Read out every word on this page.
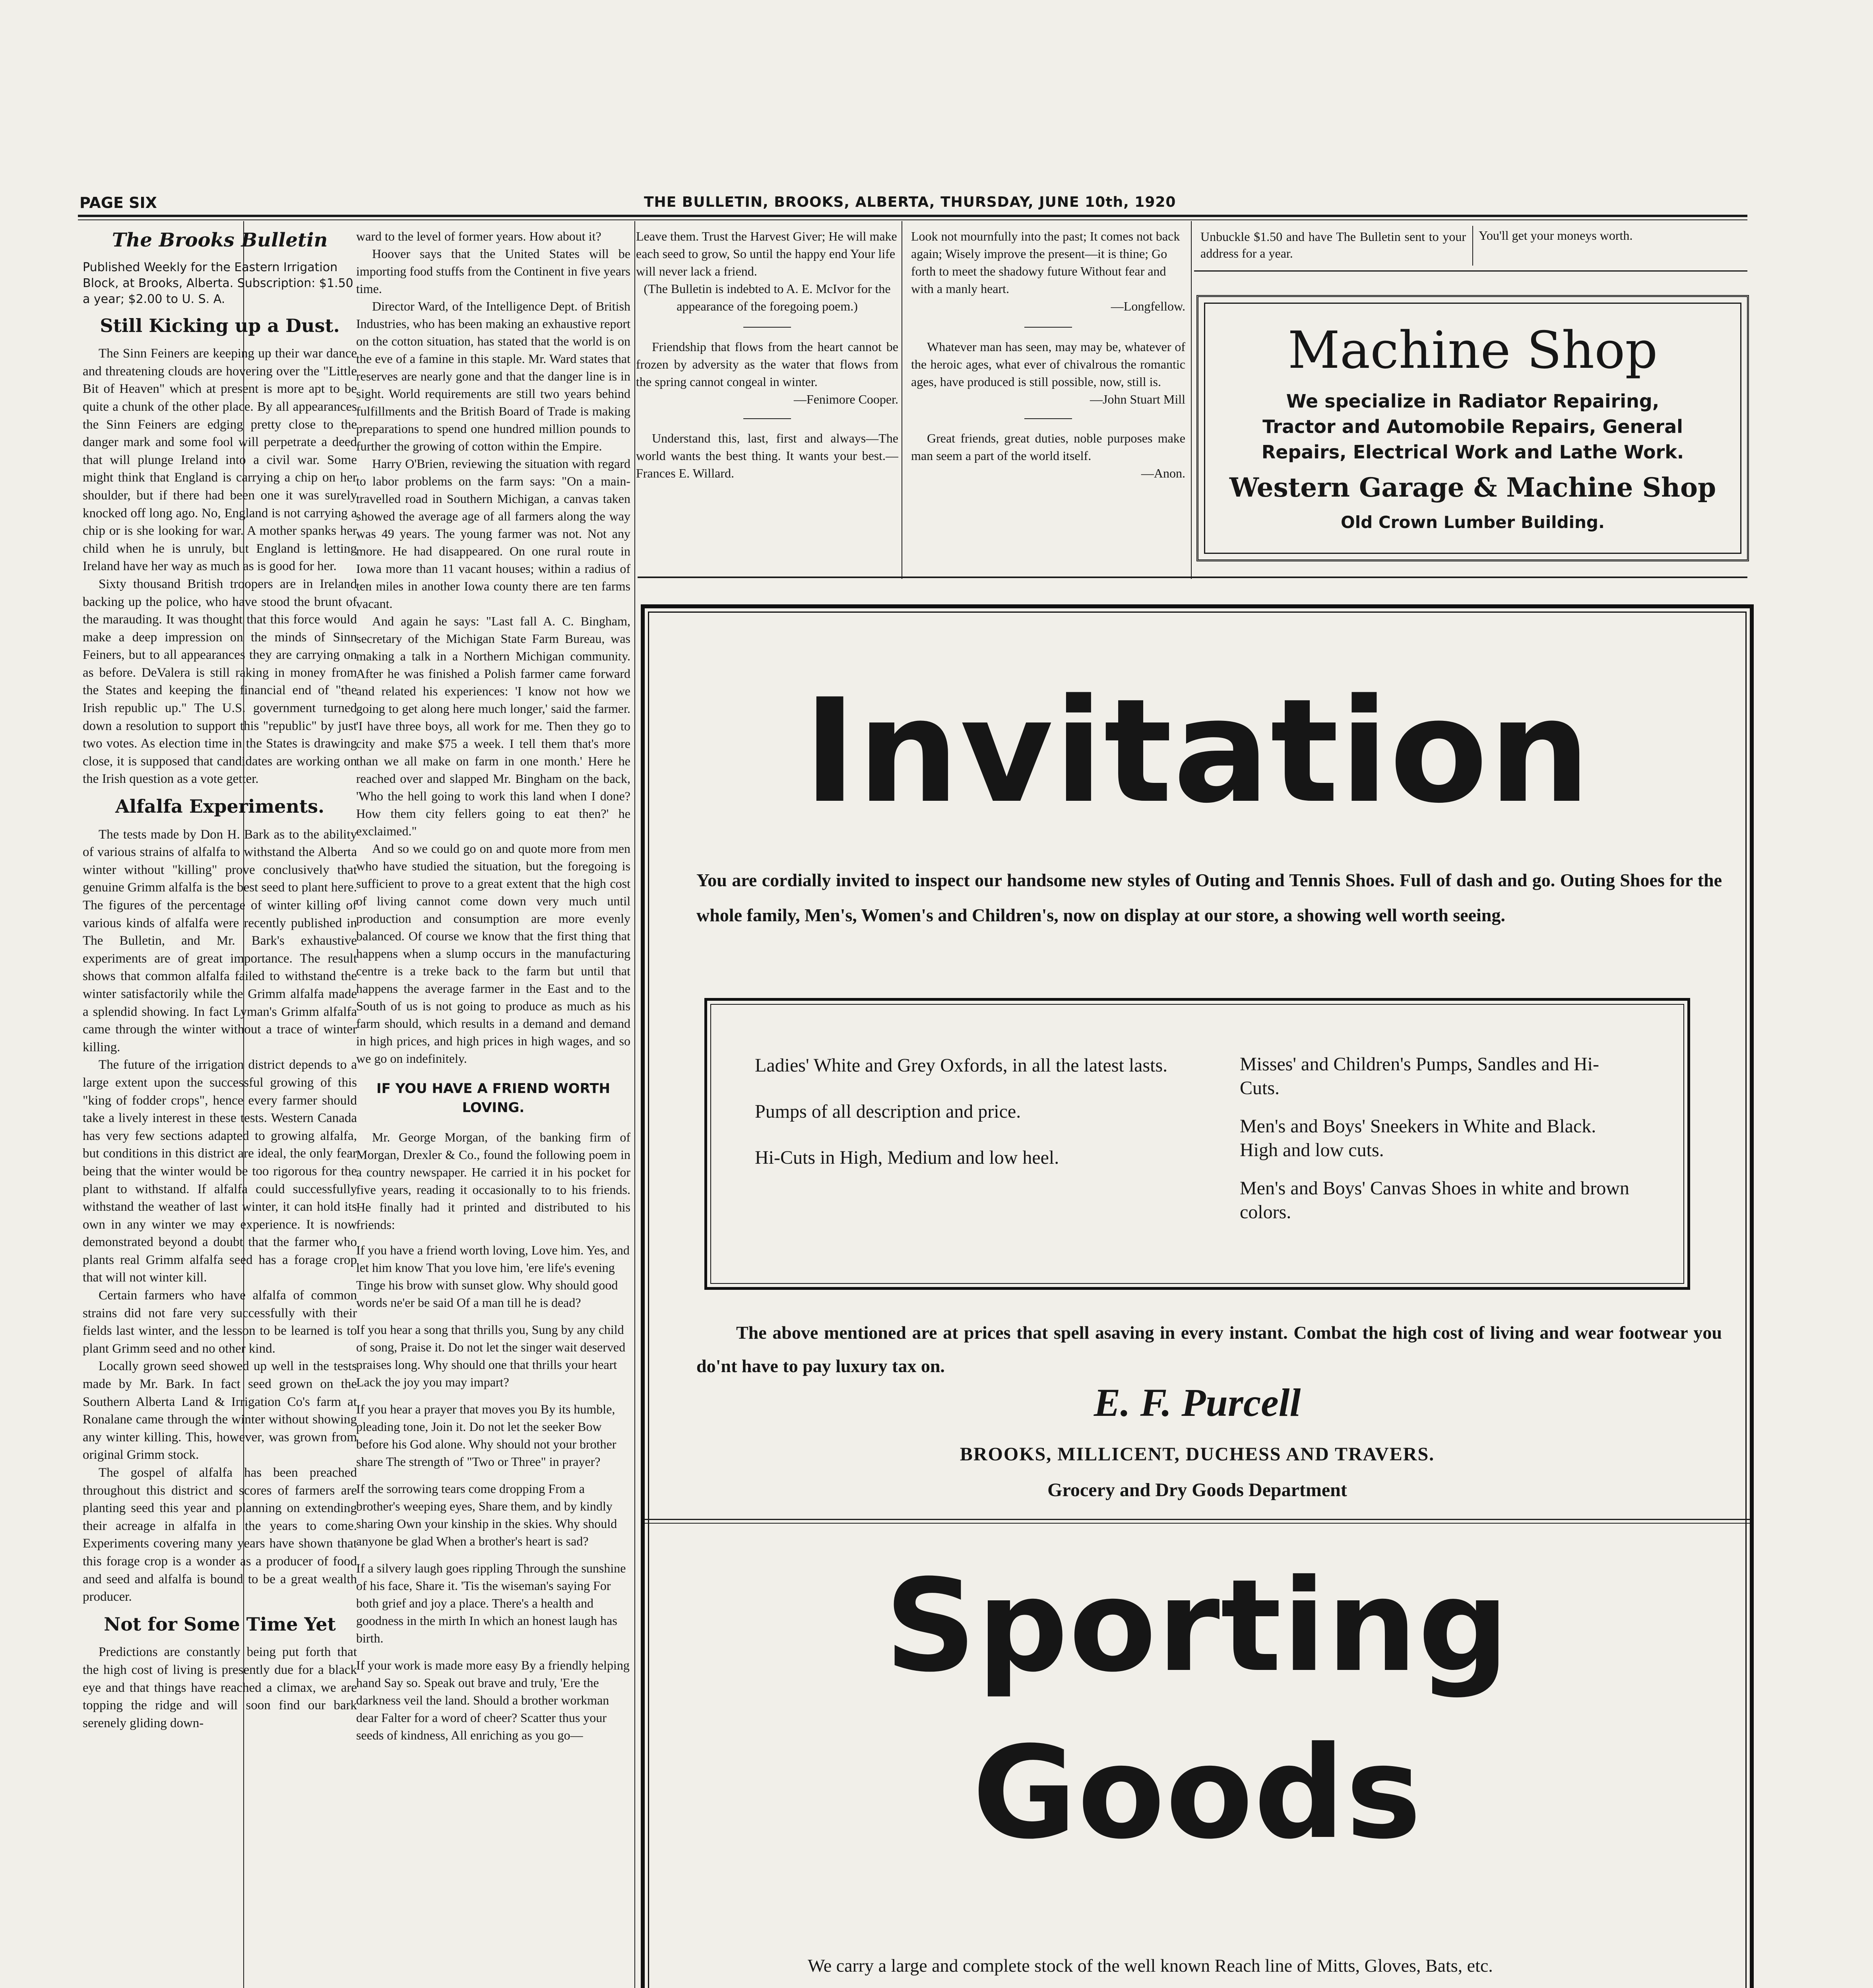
PAGE SIX	THE BULLETIN, BROOKS, ALBERTA, THURSDAY, JUNE 10th, 1920
The Brooks Bulletin

Published Weekly for the Eastern Irrigation Block, at Brooks, Alberta. Subscription: $1.50 a year; $2.00 to U. S. A.

Still Kicking up a Dust.

The Sinn Feiners are keeping up their war dance and threatening clouds are hovering over the "Little Bit of Heaven" which at present is more apt to be quite a chunk of the other place. By all appearances the Sinn Feiners are edging pretty close to the danger mark and some fool will perpetrate a deed that will plunge Ireland into a civil war. Some might think that England is carrying a chip on her shoulder, but if there had been one it was surely knocked off long ago. No, England is not carrying a chip or is she looking for war. A mother spanks her child when he is unruly, but England is letting Ireland have her way as much as is good for her.

Sixty thousand British troopers are in Ireland backing up the police, who have stood the brunt of the marauding. It was thought that this force would make a deep impression on the minds of Sinn Feiners, but to all appearances they are carrying on as before. DeValera is still raking in money from the States and keeping the financial end of "the Irish republic up." The U.S. government turned down a resolution to support this "republic" by just two votes. As election time in the States is drawing close, it is supposed that candidates are working on the Irish question as a vote getter.

Alfalfa Experiments.

The tests made by Don H. Bark as to the ability of various strains of alfalfa to withstand the Alberta winter without "killing" prove conclusively that genuine Grimm alfalfa is the best seed to plant here. The figures of the percentage of winter killing of various kinds of alfalfa were recently published in The Bulletin, and Mr. Bark's exhaustive experiments are of great importance. The result shows that common alfalfa failed to withstand the winter satisfactorily while the Grimm alfalfa made a splendid showing. In fact Lyman's Grimm alfalfa came through the winter without a trace of winter killing.

The future of the irrigation district depends to a large extent upon the successful growing of this "king of fodder crops", hence every farmer should take a lively interest in these tests. Western Canada has very few sections adapted to growing alfalfa, but conditions in this district are ideal, the only fear being that the winter would be too rigorous for the plant to withstand. If alfalfa could successfully withstand the weather of last winter, it can hold its own in any winter we may experience. It is now demonstrated beyond a doubt that the farmer who plants real Grimm alfalfa seed has a forage crop that will not winter kill.

Certain farmers who have alfalfa of common strains did not fare very successfully with their fields last winter, and the lesson to be learned is to plant Grimm seed and no other kind.

Locally grown seed showed up well in the tests made by Mr. Bark. In fact seed grown on the Southern Alberta Land & Irrigation Co's farm at Ronalane came through the winter without showing any winter killing. This, however, was grown from original Grimm stock.

The gospel of alfalfa has been preached throughout this district and scores of farmers are planting seed this year and planning on extending their acreage in alfalfa in the years to come. Experiments covering many years have shown that this forage crop is a wonder as a producer of food and seed and alfalfa is bound to be a great wealth producer.

Not for Some Time Yet

Predictions are constantly being put forth that the high cost of living is presently due for a black eye and that things have reached a climax, we are topping the ridge and will soon find our bark serenely gliding down-

ward to the level of former years. How about it?

Hoover says that the United States will be importing food stuffs from the Continent in five years time.

Director Ward, of the Intelligence Dept. of British Industries, who has been making an exhaustive report on the cotton situation, has stated that the world is on the eve of a famine in this staple. Mr. Ward states that reserves are nearly gone and that the danger line is in sight. World requirements are still two years behind fulfillments and the British Board of Trade is making preparations to spend one hundred million pounds to further the growing of cotton within the Empire.

Harry O'Brien, reviewing the situation with regard to labor problems on the farm says: "On a main-travelled road in Southern Michigan, a canvas taken showed the average age of all farmers along the way was 49 years. The young farmer was not. Not any more. He had disappeared. On one rural route in Iowa more than 11 vacant houses; within a radius of ten miles in another Iowa county there are ten farms vacant.

And again he says: "Last fall A. C. Bingham, secretary of the Michigan State Farm Bureau, was making a talk in a Northern Michigan community. After he was finished a Polish farmer came forward and related his experiences: 'I know not how we going to get along here much longer,' said the farmer. 'I have three boys, all work for me. Then they go to city and make $75 a week. I tell them that's more than we all make on farm in one month.' Here he reached over and slapped Mr. Bingham on the back, 'Who the hell going to work this land when I done? How them city fellers going to eat then?' he exclaimed."

And so we could go on and quote more from men who have studied the situation, but the foregoing is sufficient to prove to a great extent that the high cost of living cannot come down very much until production and consumption are more evenly balanced. Of course we know that the first thing that happens when a slump occurs in the manufacturing centre is a treke back to the farm but until that happens the average farmer in the East and to the South of us is not going to produce as much as his farm should, which results in a demand and demand in high prices, and high prices in high wages, and so we go on indefinitely.

IF YOU HAVE A FRIEND WORTH LOVING.

Mr. George Morgan, of the banking firm of Morgan, Drexler & Co., found the following poem in a country newspaper. He carried it in his pocket for five years, reading it occasionally to to his friends. He finally had it printed and distributed to his friends:

If you have a friend worth loving, Love him. Yes, and let him know That you love him, 'ere life's evening Tinge his brow with sunset glow. Why should good words ne'er be said Of a man till he is dead?

If you hear a song that thrills you, Sung by any child of song, Praise it. Do not let the singer wait deserved praises long. Why should one that thrills your heart Lack the joy you may impart?

If you hear a prayer that moves you By its humble, pleading tone, Join it. Do not let the seeker Bow before his God alone. Why should not your brother share The strength of "Two or Three" in prayer?

If the sorrowing tears come dropping From a brother's weeping eyes, Share them, and by kindly sharing Own your kinship in the skies. Why should anyone be glad When a brother's heart is sad?

If a silvery laugh goes rippling Through the sunshine of his face, Share it. 'Tis the wiseman's saying For both grief and joy a place. There's a health and goodness in the mirth In which an honest laugh has birth.

If your work is made more easy By a friendly helping hand Say so. Speak out brave and truly, 'Ere the darkness veil the land. Should a brother workman dear Falter for a word of cheer? Scatter thus your seeds of kindness, All enriching as you go—

Leave them. Trust the Harvest Giver; He will make each seed to grow, So until the happy end Your life will never lack a friend.

(The Bulletin is indebted to A. E. McIvor for the appearance of the foregoing poem.)

Friendship that flows from the heart cannot be frozen by adversity as the water that flows from the spring cannot congeal in winter.

—Fenimore Cooper.

Understand this, last, first and always—The world wants the best thing. It wants your best.—Frances E. Willard.

Look not mournfully into the past; It comes not back again; Wisely improve the present—it is thine; Go forth to meet the shadowy future Without fear and with a manly heart.

—Longfellow.

Whatever man has seen, may may be, whatever of the heroic ages, what ever of chivalrous the romantic ages, have produced is still possible, now, still is.

—John Stuart Mill

Great friends, great duties, noble purposes make man seem a part of the world itself.

—Anon.

Unbuckle $1.50 and have The Bulletin sent to your address for a year.
You'll get your moneys worth.
Machine Shop
We specialize in Radiator Repairing,
Tractor and Automobile Repairs, General
Repairs, Electrical Work and Lathe Work.
Western Garage & Machine Shop
Old Crown Lumber Building.
Invitation
You are cordially invited to inspect our handsome new styles of Outing and Tennis Shoes. Full of dash and go. Outing Shoes for the whole family, Men's, Women's and Children's, now on display at our store, a showing well worth seeing.
Ladies' White and Grey Oxfords, in all the latest lasts.
Pumps of all description and price.
Hi-Cuts in High, Medium and low heel.
Misses' and Children's Pumps, Sandles and Hi-Cuts.
Men's and Boys' Sneekers in White and Black. High and low cuts.
Men's and Boys' Canvas Shoes in white and brown colors.
The above mentioned are at prices that spell asaving in every instant. Combat the high cost of living and wear footwear you do'nt have to pay luxury tax on.
E. F. Purcell
BROOKS, MILLICENT, DUCHESS AND TRAVERS.
Grocery and Dry Goods Department
Sporting
Goods
We carry a large and complete stock of the well known Reach line of Mitts, Gloves, Bats, etc.
